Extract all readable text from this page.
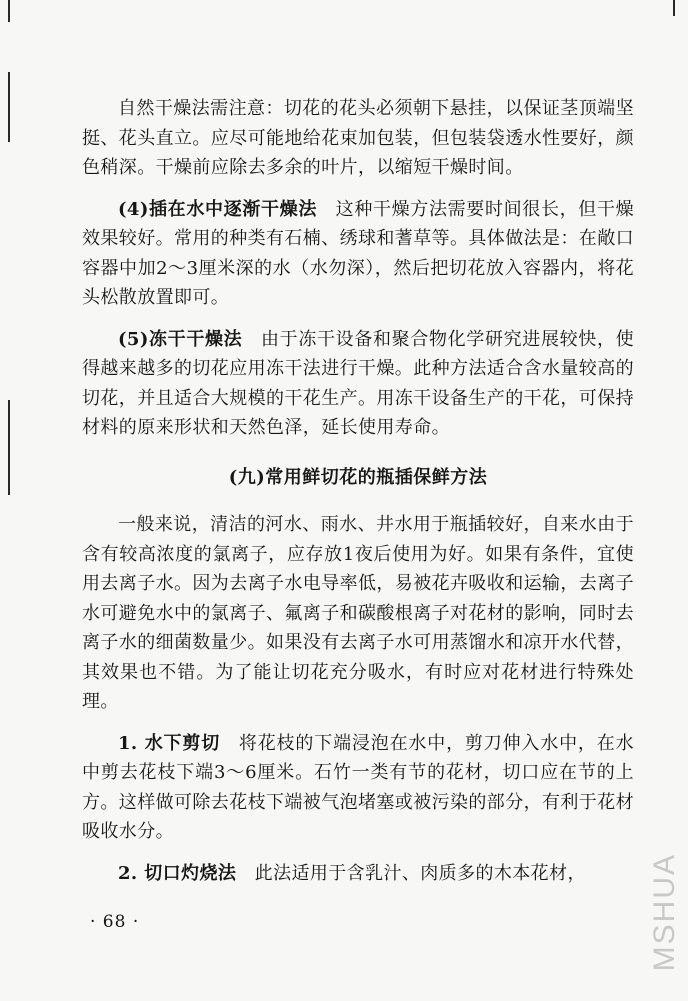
自然干燥法需注意：切花的花头必须朝下悬挂，以保证茎顶端坚挺、花头直立。应尽可能地给花束加包装，但包装袋透水性要好，颜色稍深。干燥前应除去多余的叶片，以缩短干燥时间。

(4)插在水中逐渐干燥法　 这种干燥方法需要时间很长，但干燥效果较好。常用的种类有石楠、绣球和蓍草等。具体做法是：在敞口容器中加2～3厘米深的水（水勿深），然后把切花放入容器内，将花头松散放置即可。

(5)冻干干燥法　 由于冻干设备和聚合物化学研究进展较快，使得越来越多的切花应用冻干法进行干燥。此种方法适合含水量较高的切花，并且适合大规模的干花生产。用冻干设备生产的干花，可保持材料的原来形状和天然色泽，延长使用寿命。

(九)常用鲜切花的瓶插保鲜方法

一般来说，清洁的河水、雨水、井水用于瓶插较好，自来水由于含有较高浓度的氯离子，应存放1夜后使用为好。如果有条件，宜使用去离子水。因为去离子水电导率低，易被花卉吸收和运输，去离子水可避免水中的氯离子、氟离子和碳酸根离子对花材的影响，同时去离子水的细菌数量少。如果没有去离子水可用蒸馏水和凉开水代替，其效果也不错。为了能让切花充分吸水，有时应对花材进行特殊处理。

1. 水下剪切　 将花枝的下端浸泡在水中，剪刀伸入水中，在水中剪去花枝下端3～6厘米。石竹一类有节的花材，切口应在节的上方。这样做可除去花枝下端被气泡堵塞或被污染的部分，有利于花材吸收水分。

2. 切口灼烧法　 此法适用于含乳汁、肉质多的木本花材，

· 68 ·	MSHUA
